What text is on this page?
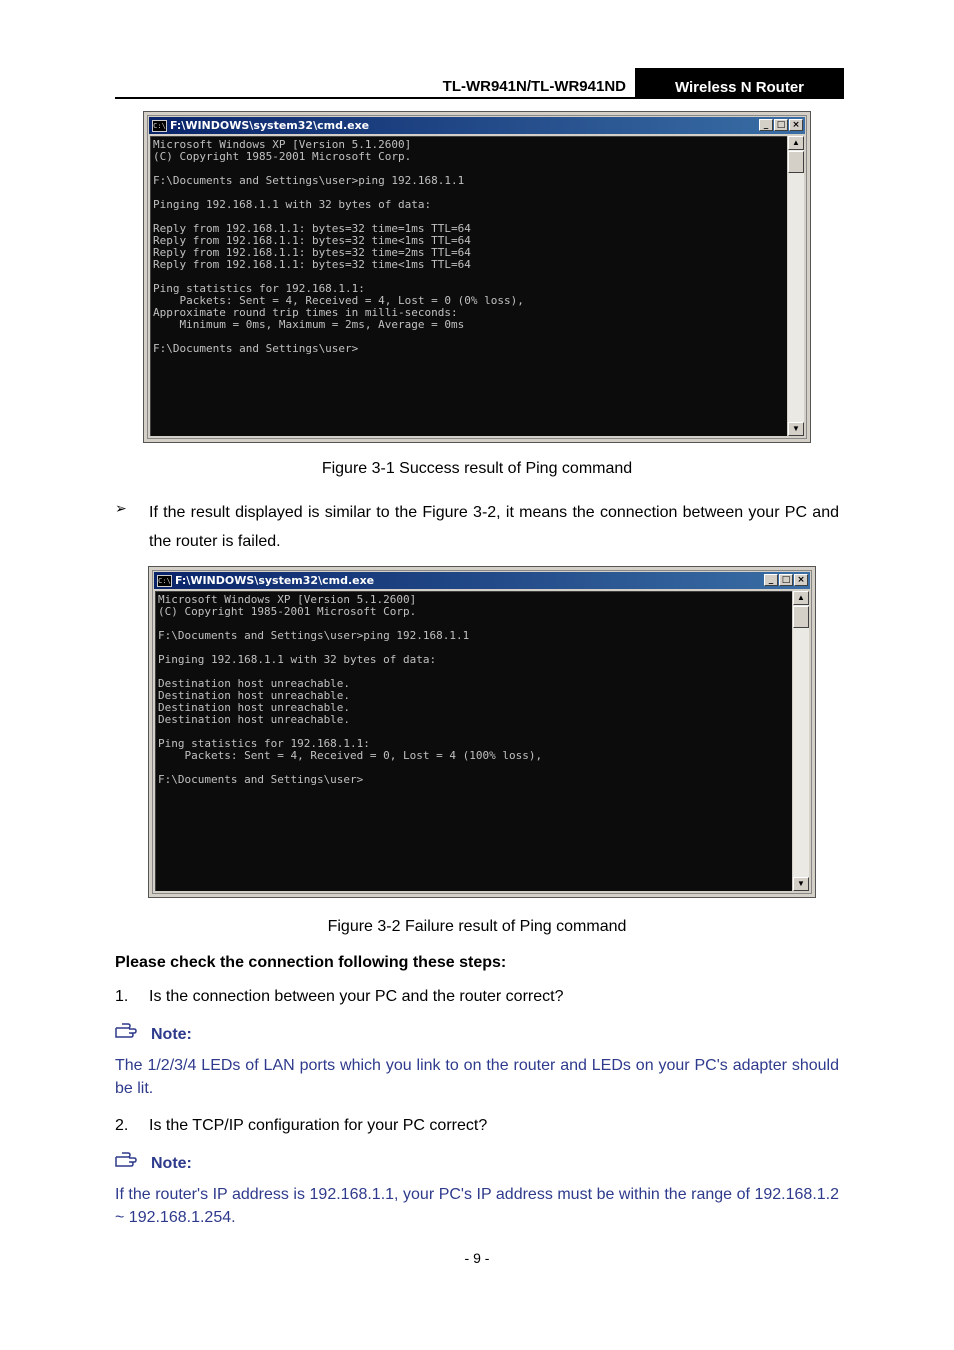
TL-WR941N/TL-WR941ND	Wireless N Router
C:\ F:\WINDOWS\system32\cmd.exe	_ □ ×
Microsoft Windows XP [Version 5.1.2600]
(C) Copyright 1985-2001 Microsoft Corp.

F:\Documents and Settings\user>ping 192.168.1.1

Pinging 192.168.1.1 with 32 bytes of data:

Reply from 192.168.1.1: bytes=32 time=1ms TTL=64
Reply from 192.168.1.1: bytes=32 time<1ms TTL=64
Reply from 192.168.1.1: bytes=32 time=2ms TTL=64
Reply from 192.168.1.1: bytes=32 time<1ms TTL=64

Ping statistics for 192.168.1.1:
Packets: Sent = 4, Received = 4, Lost = 0 (0% loss),
Approximate round trip times in milli-seconds:
Minimum = 0ms, Maximum = 2ms, Average = 0ms

F:\Documents and Settings\user>
▲
▼
Figure 3-1 Success result of Ping command
➢ If the result displayed is similar to the Figure 3-2, it means the connection between your PC and the router is failed.
C:\ F:\WINDOWS\system32\cmd.exe	_ □ ×
Microsoft Windows XP [Version 5.1.2600]
(C) Copyright 1985-2001 Microsoft Corp.

F:\Documents and Settings\user>ping 192.168.1.1

Pinging 192.168.1.1 with 32 bytes of data:

Destination host unreachable.
Destination host unreachable.
Destination host unreachable.
Destination host unreachable.

Ping statistics for 192.168.1.1:
Packets: Sent = 4, Received = 0, Lost = 4 (100% loss),

F:\Documents and Settings\user>
▲
▼
Figure 3-2 Failure result of Ping command
Please check the connection following these steps:
1. Is the connection between your PC and the router correct?
Note:
The 1/2/3/4 LEDs of LAN ports which you link to on the router and LEDs on your PC's adapter should be lit.
2. Is the TCP/IP configuration for your PC correct?
Note:
If the router's IP address is 192.168.1.1, your PC's IP address must be within the range of 192.168.1.2 ~ 192.168.1.254.
- 9 -
